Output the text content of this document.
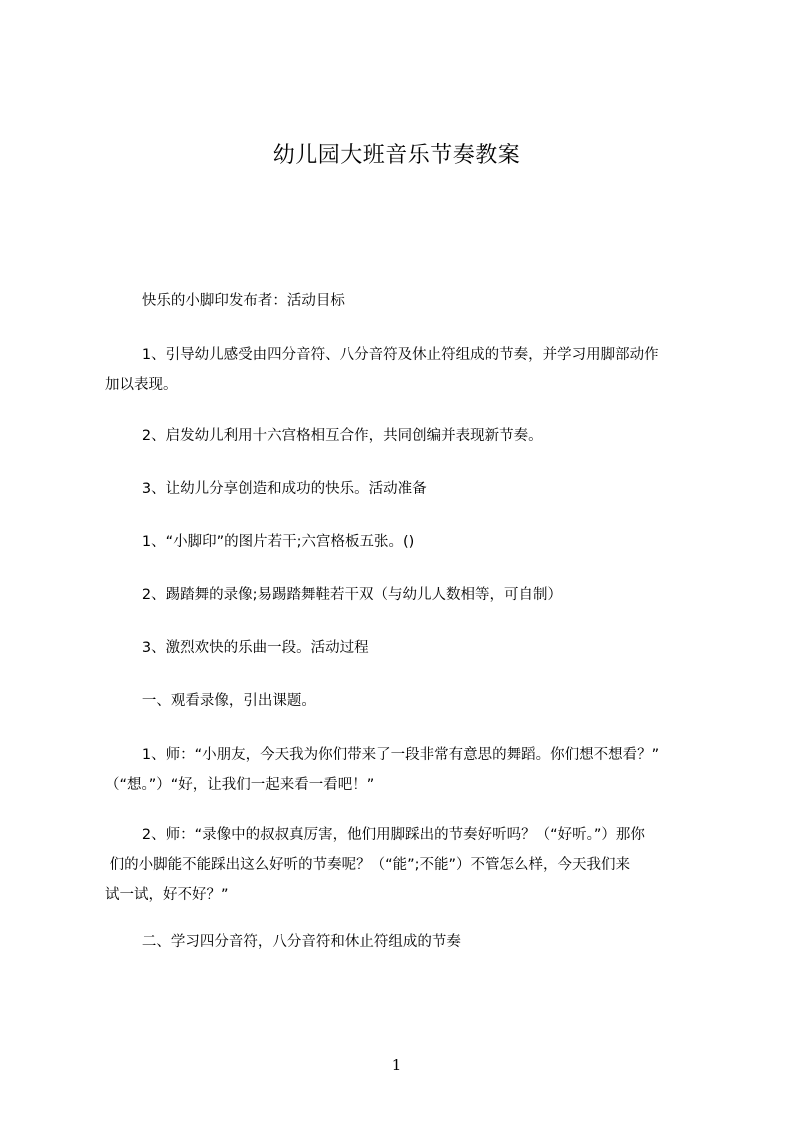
幼儿园大班音乐节奏教案
快乐的小脚印发布者：活动目标
1、引导幼儿感受由四分音符、八分音符及休止符组成的节奏，并学习用脚部动作
加以表现。
2、启发幼儿利用十六宫格相互合作，共同创编并表现新节奏。
3、让幼儿分享创造和成功的快乐。活动准备
1、“小脚印”的图片若干;六宫格板五张。()
2、踢踏舞的录像;易踢踏舞鞋若干双（与幼儿人数相等，可自制）
3、激烈欢快的乐曲一段。活动过程
一、观看录像，引出课题。
1、师：“小朋友，今天我为你们带来了一段非常有意思的舞蹈。你们想不想看？”
（“想。”）“好，让我们一起来看一看吧！”
2、师：“录像中的叔叔真厉害，他们用脚踩出的节奏好听吗？（“好听。”）那你
们的小脚能不能踩出这么好听的节奏呢？（“能”;不能”）不管怎么样，今天我们来
试一试，好不好？”
二、学习四分音符，八分音符和休止符组成的节奏
1
